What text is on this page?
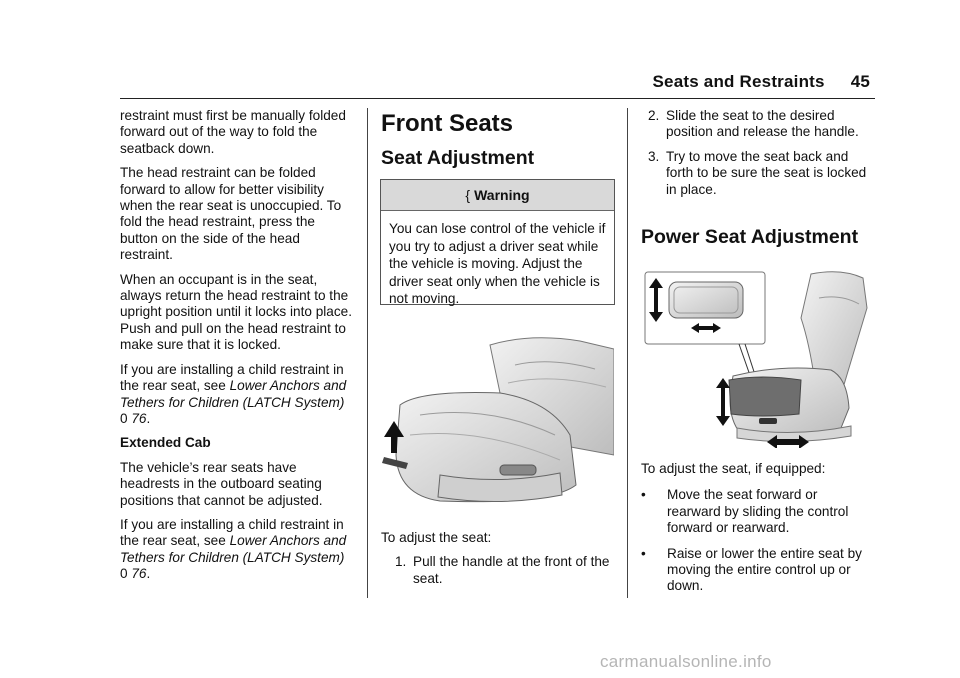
Seats and Restraints 45

restraint must first be manually folded forward out of the way to fold the seatback down.

The head restraint can be folded forward to allow for better visibility when the rear seat is unoccupied. To fold the head restraint, press the button on the side of the head restraint.

When an occupant is in the seat, always return the head restraint to the upright position until it locks into place. Push and pull on the head restraint to make sure that it is locked.

If you are installing a child restraint in the rear seat, see Lower Anchors and Tethers for Children (LATCH System) 0 76.

Extended Cab

The vehicle’s rear seats have headrests in the outboard seating positions that cannot be adjusted.

If you are installing a child restraint in the rear seat, see Lower Anchors and Tethers for Children (LATCH System) 0 76.

Front Seats
Seat Adjustment
{ Warning
You can lose control of the vehicle if you try to adjust a driver seat while the vehicle is moving. Adjust the driver seat only when the vehicle is not moving.

To adjust the seat:

1. Pull the handle at the front of the seat.
2. Slide the seat to the desired position and release the handle.
3. Try to move the seat back and forth to be sure the seat is locked in place.
Power Seat Adjustment

To adjust the seat, if equipped:

•	Move the seat forward or rearward by sliding the control forward or rearward.
•	Raise or lower the entire seat by moving the entire control up or down.
carmanualsonline.info
